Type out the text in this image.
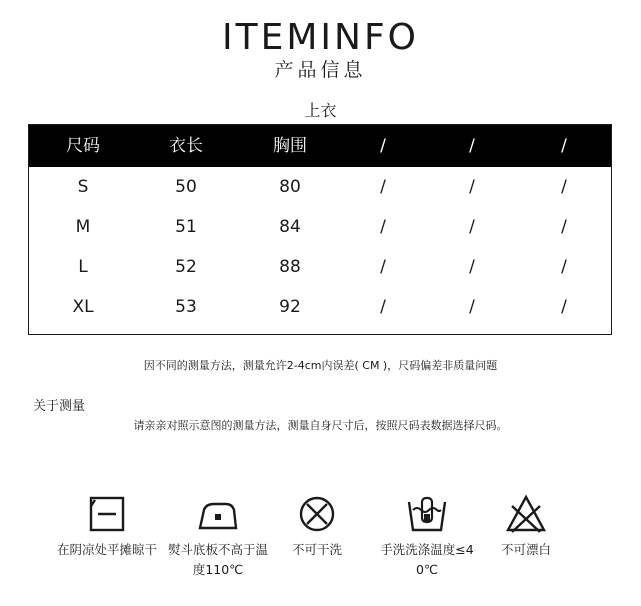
ITEMINFO
产品信息
上衣
尺码	衣长	胸围	/	/	/
S	50	80	/	/	/
M	51	84	/	/	/
L	52	88	/	/	/
XL	53	92	/	/	/
因不同的测量方法，测量允许2-4cm内误差( CM )，尺码偏差非质量问题
关于测量
请亲亲对照示意图的测量方法，测量自身尺寸后，按照尺码表数据选择尺码。
在阴凉处平摊晾干 熨斗底板不高于温度110℃
不可干洗	手洗洗涤温度≤40℃
不可漂白
